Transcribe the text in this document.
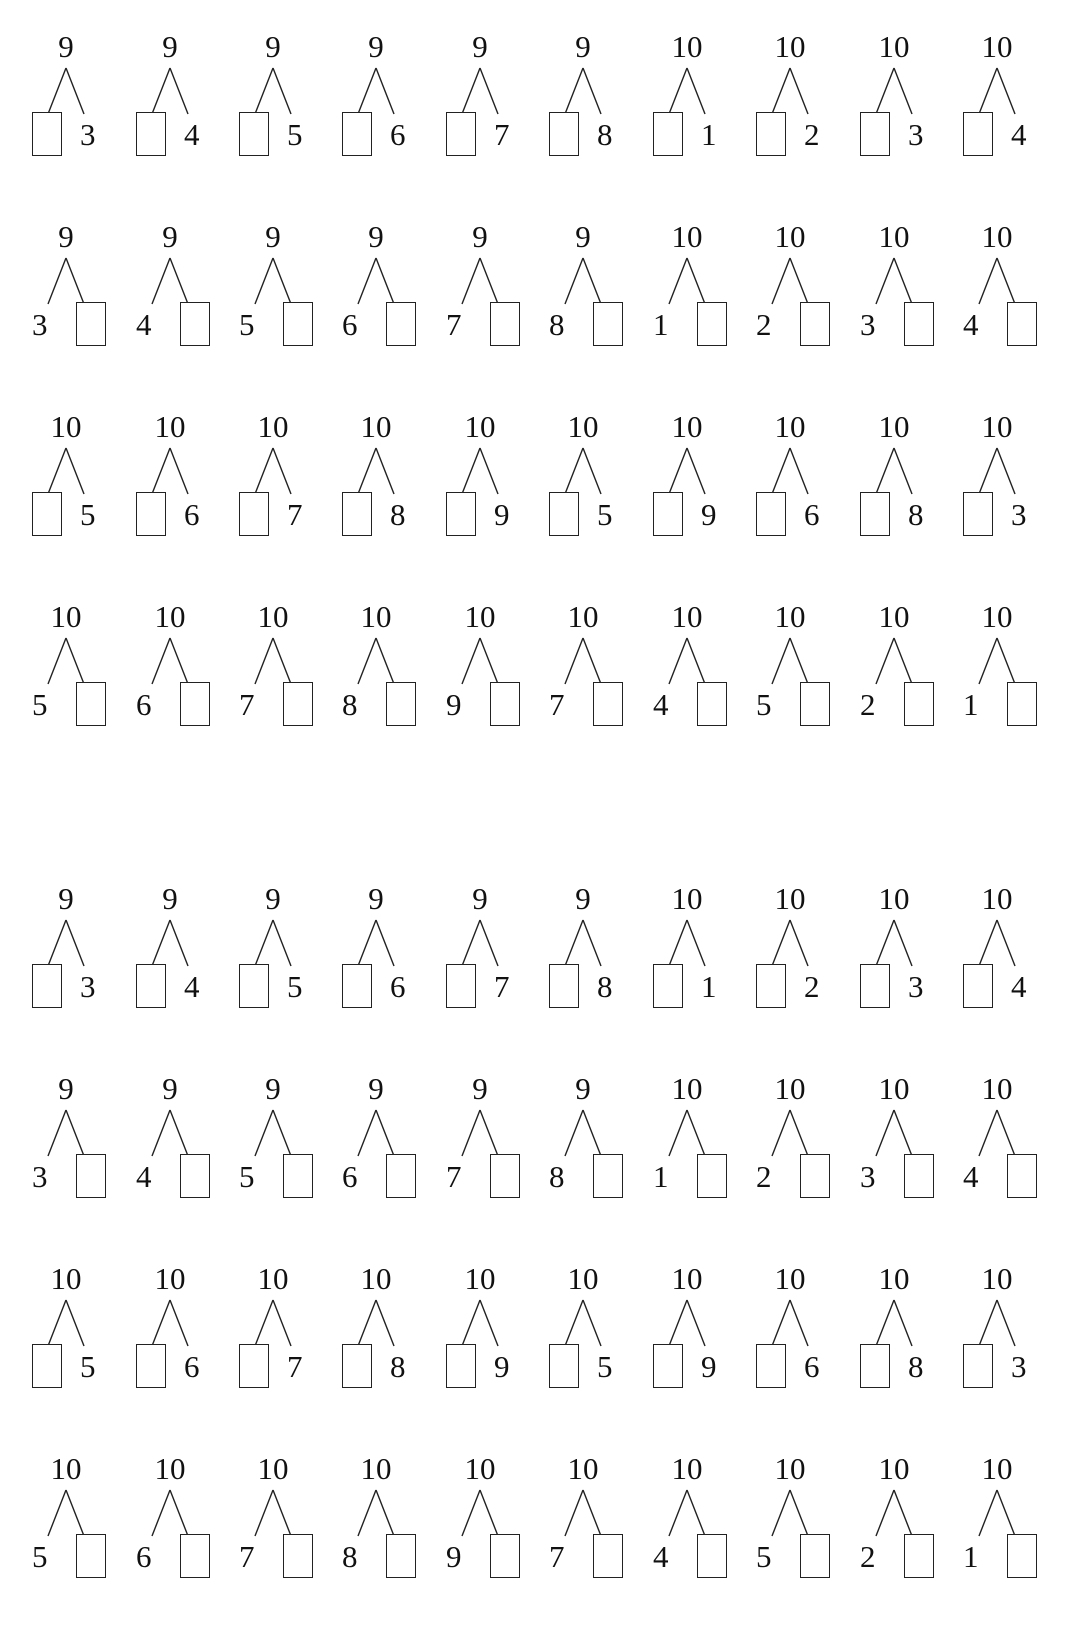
9
3
9
4
9
5
9
6
9
7
9
8
10
1
10
2
10
3
10
4
9
3
9
4
9
5
9
6
9
7
9
8
10
1
10
2
10
3
10
4
10
5
10
6
10
7
10
8
10
9
10
5
10
9
10
6
10
8
10
3
10
5
10
6
10
7
10
8
10
9
10
7
10
4
10
5
10
2
10
1
9
3
9
4
9
5
9
6
9
7
9
8
10
1
10
2
10
3
10
4
9
3
9
4
9
5
9
6
9
7
9
8
10
1
10
2
10
3
10
4
10
5
10
6
10
7
10
8
10
9
10
5
10
9
10
6
10
8
10
3
10
5
10
6
10
7
10
8
10
9
10
7
10
4
10
5
10
2
10
1
